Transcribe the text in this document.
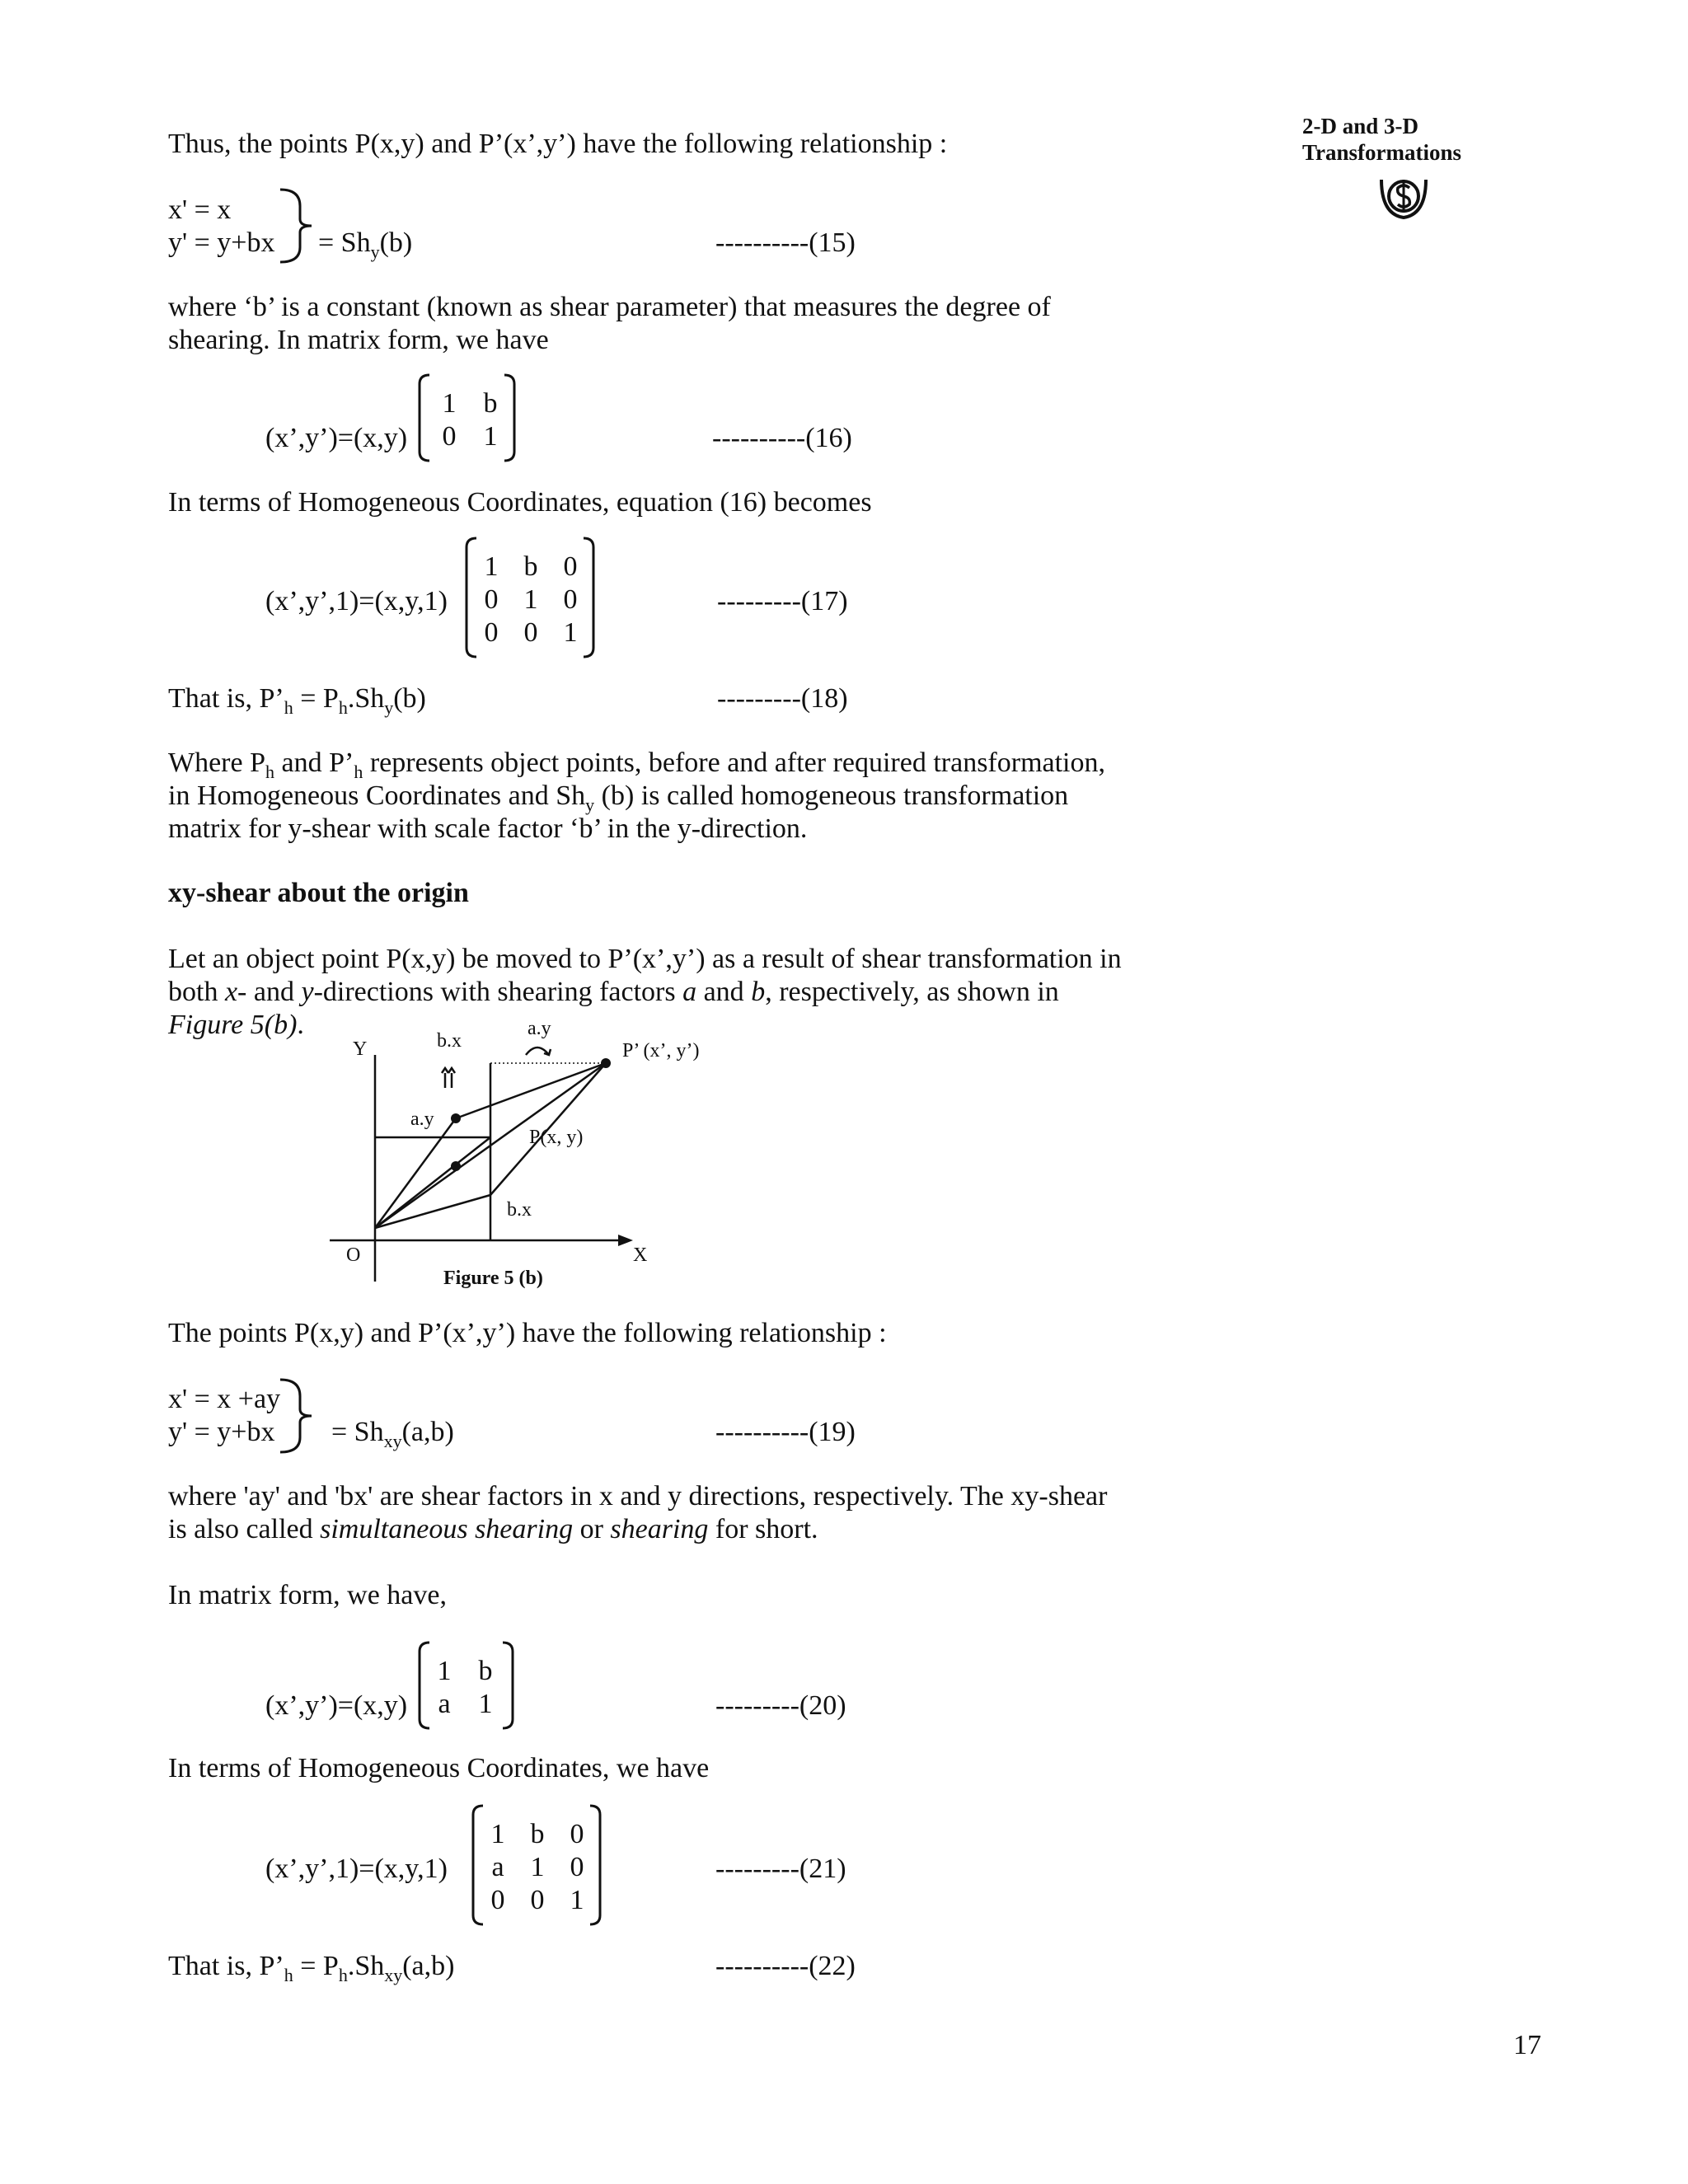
2-D and 3-D
Transformations

Thus, the points P(x,y) and P’(x’,y’) have the following relationship :

x' = x

$y' = y+bx = Sh_y(b)$	----------(15)

where ‘b’ is a constant (known as shear parameter) that measures the degree of

shearing. In matrix form, we have

(x’,y’)=(x,y)

1 b
0 1	----------(16)

In terms of Homogeneous Coordinates, equation (16) becomes

(x’,y’,1)=(x,y,1)

1 b 0
0 1 0
0 0 1

---------(17)

That is, $P’_h = P_h.Sh_y(b)$	---------(18)

Where $P_h$ and $P’_h$ represents object points, before and after required transformation,

in Homogeneous Coordinates and $Sh_y$ (b) is called homogeneous transformation

matrix for y-shear with scale factor ‘b’ in the y-direction.

xy-shear about the origin

Let an object point P(x,y) be moved to P’(x’,y’) as a result of shear transformation in

both x- and y-directions with shearing factors a and b, respectively, as shown in

Figure 5(b).

Y
X
O
b.x
a.y
a.y
b.x
P(x, y)
P’ (x’, y’)
Figure 5 (b)

The points P(x,y) and P’(x’,y’) have the following relationship :

x' = x +ay

$y' = y+bx = Sh_{xy}(a,b)$	----------(19)

where 'ay' and 'bx' are shear factors in x and y directions, respectively. The xy-shear

is also called simultaneous shearing or shearing for short.

In matrix form, we have,

(x’,y’)=(x,y)

1 b
a 1	---------(20)

In terms of Homogeneous Coordinates, we have

(x’,y’,1)=(x,y,1)

1 b 0
a 1 0
0 0 1

---------(21)

That is, $P’_h = P_h.Sh_{xy}(a,b)$	----------(22)

17
